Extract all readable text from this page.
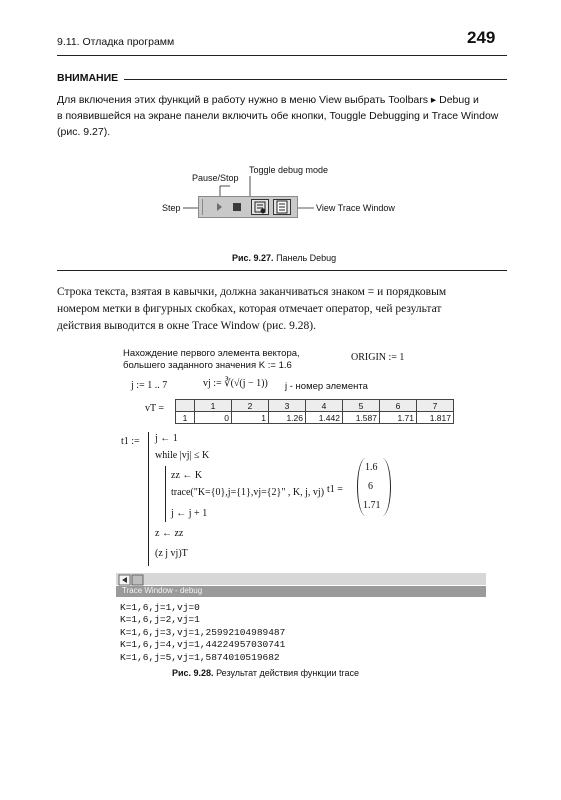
9.11. Отладка программ	249
ВНИМАНИЕ
Для включения этих функций в работу нужно в меню View выбрать Toolbars ▸ Debug и
в появившейся на экране панели включить обе кнопки, Touggle Debugging и Trace Window
(рис. 9.27).
Pause/Stop
Toggle debug mode
Step	View Trace Window
Рис. 9.27. Панель Debug
Строка текста, взятая в кавычки, должна заканчиваться знаком = и порядковым
номером метки в фигурных скобках, которая отмечает оператор, чей результат
действия выводится в окне Trace Window (рис. 9.28).
Нахождение первого элемента вектора,
большего заданного значения K := 1.6
ORIGIN := 1
j := 1 .. 7	vj := ∛(√(j − 1)) j - номер элемента
vT =
		1	2	3	4	5	6	7
1	0	1	1.26	1.442	1.587	1.71	1.817
t1 := j ← 1
while |vj| ≤ K
zz ← K
trace("K={0},j={1},vj={2}" , K, j, vj)
j ← j + 1
z ← zz
(z j vj)T
t1 =
1.6
6
1.71
Trace Window - debug
K=1,6,j=1,vj=0
K=1,6,j=2,vj=1
K=1,6,j=3,vj=1,25992104989487
K=1,6,j=4,vj=1,44224957030741
K=1,6,j=5,vj=1,5874010519682
Рис. 9.28. Результат действия функции trace
